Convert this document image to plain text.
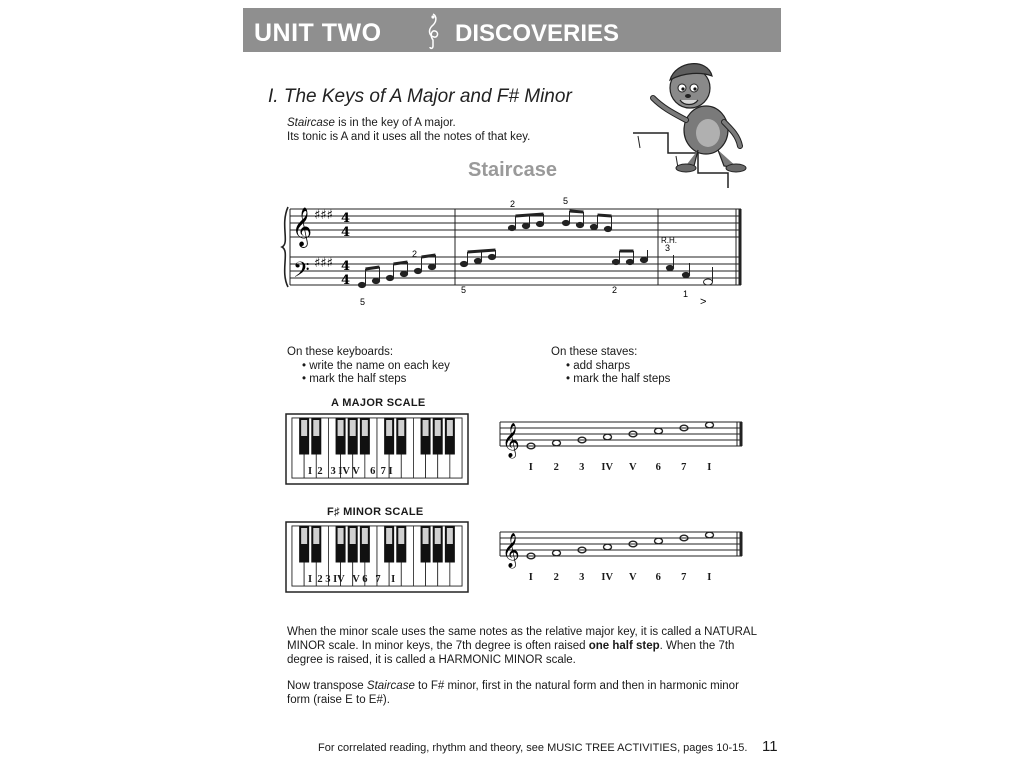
UNIT TWO	DISCOVERIES
I. The Keys of A Major and F# Minor
Staircase is in the key of A major.
Its tonic is A and it uses all the notes of that key.
Staircase
𝄞
𝄢
♯♯♯
♯♯♯
4
4
4
4
2
5
5
2	5
2
R.H.
3
1
>
On these keyboards:
• write the name on each key
• mark the half steps
On these staves:
• add sharps
• mark the half steps
A MAJOR SCALE
I  2   3 IV V    6  7 I
𝄞
I	2	3	IV	V	6	7	I
F♯ MINOR SCALE
I  2 3 IV   V 6   7    I
𝄞
I	2	3	IV	V	6	7	I
When the minor scale uses the same notes as the relative major key, it is called a NATURAL MINOR scale. In minor keys, the 7th degree is often raised one half step. When the 7th degree is raised, it is called a HARMONIC MINOR scale.
Now transpose Staircase to F# minor, first in the natural form and then in harmonic minor form (raise E to E#).
For correlated reading, rhythm and theory, see MUSIC TREE ACTIVITIES, pages 10-15. 11
